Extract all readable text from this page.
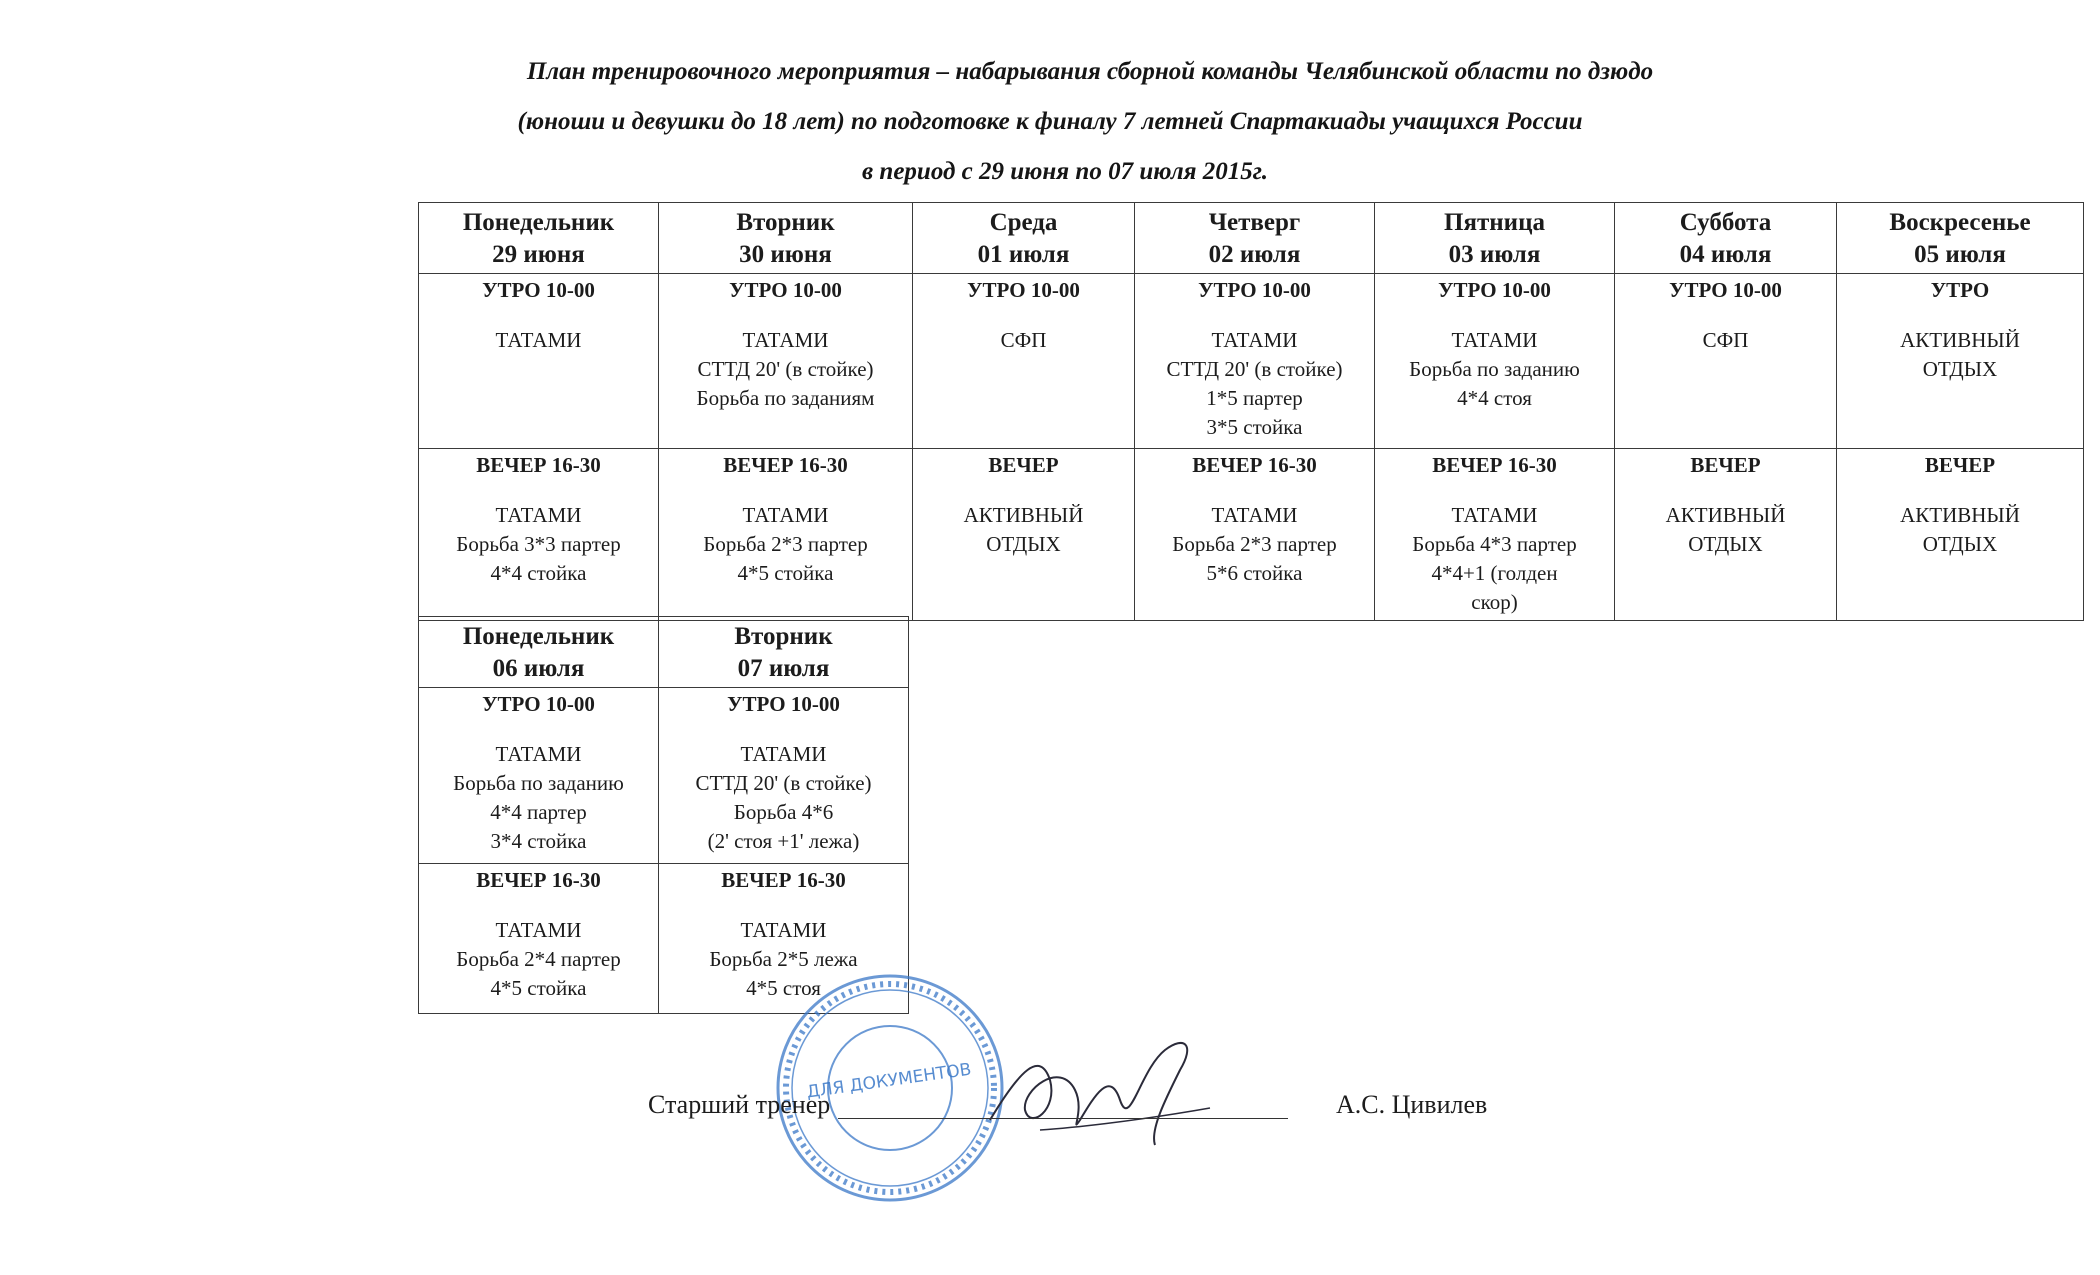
План тренировочного мероприятия – набарывания сборной команды Челябинской области по дзюдо
(юноши и девушки до 18 лет) по подготовке к финалу 7 летней Спартакиады учащихся России
в период с 29 июня по 07 июля 2015г.
Понедельник
29 июня	Вторник
30 июня	Среда
01 июля	Четверг
02 июля	Пятница
03 июля	Суббота
04 июля	Воскресенье
05 июля

УТРО 10-00
ТАТАМИ	УТРО 10-00
ТАТАМИ
СТТД 20' (в стойке)
Борьба по заданиям	УТРО 10-00
СФП	УТРО 10-00
ТАТАМИ
СТТД 20' (в стойке)
1*5 партер
3*5 стойка	УТРО 10-00
ТАТАМИ
Борьба по заданию
4*4 стоя	УТРО 10-00
СФП	УТРО
АКТИВНЫЙ
ОТДЫХ

ВЕЧЕР 16-30
ТАТАМИ
Борьба 3*3 партер
4*4 стойка	ВЕЧЕР 16-30
ТАТАМИ
Борьба 2*3 партер
4*5 стойка	ВЕЧЕР
АКТИВНЫЙ
ОТДЫХ	ВЕЧЕР 16-30
ТАТАМИ
Борьба 2*3 партер
5*6 стойка	ВЕЧЕР 16-30
ТАТАМИ
Борьба 4*3 партер
4*4+1 (голден
скор)	ВЕЧЕР
АКТИВНЫЙ
ОТДЫХ	ВЕЧЕР
АКТИВНЫЙ
ОТДЫХ
Понедельник
06 июля	Вторник
07 июля

УТРО 10-00
ТАТАМИ
Борьба по заданию
4*4 партер
3*4 стойка	УТРО 10-00
ТАТАМИ
СТТД 20' (в стойке)
Борьба 4*6
(2' стоя +1' лежа)

ВЕЧЕР 16-30
ТАТАМИ
Борьба 2*4 партер
4*5 стойка	ВЕЧЕР 16-30
ТАТАМИ
Борьба 2*5 лежа
4*5 стоя
ДЛЯ ДОКУМЕНТОВ
Старший тренер	А.С. Цивилев
